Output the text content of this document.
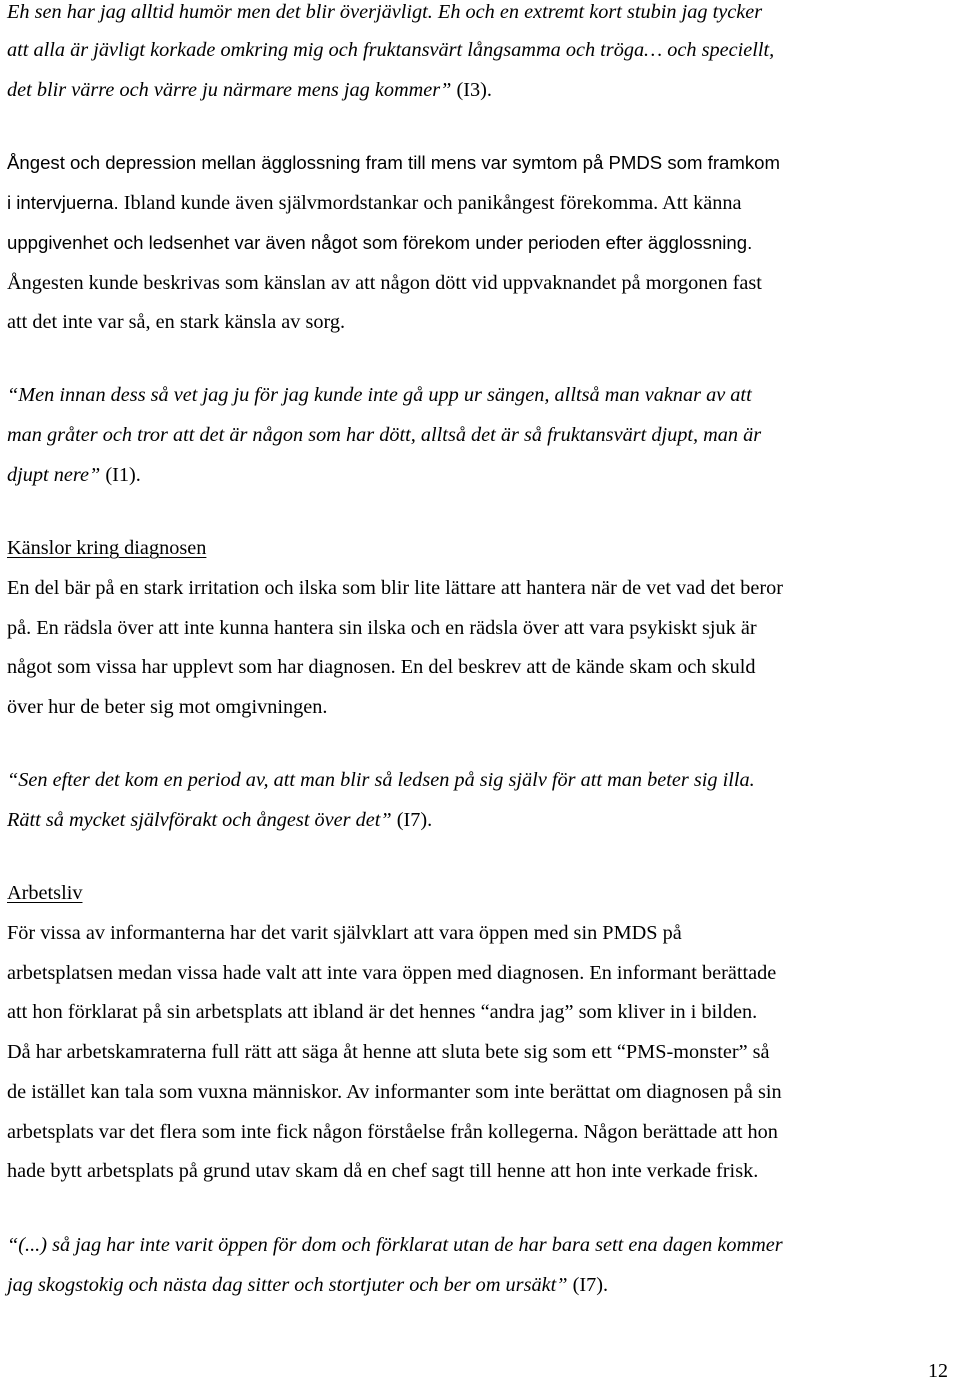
Eh sen har jag alltid humör men det blir överjävligt. Eh och en extremt kort stubin jag tycker
att alla är jävligt korkade omkring mig och fruktansvärt långsamma och tröga… och speciellt,
det blir värre och värre ju närmare mens jag kommer” (I3).
Ångest och depression mellan ägglossning fram till mens var symtom på PMDS som framkom
i intervjuerna. Ibland kunde även självmordstankar och panikångest förekomma. Att känna
uppgivenhet och ledsenhet var även något som förekom under perioden efter ägglossning.
Ångesten kunde beskrivas som känslan av att någon dött vid uppvaknandet på morgonen fast
att det inte var så, en stark känsla av sorg.
“Men innan dess så vet jag ju för jag kunde inte gå upp ur sängen, alltså man vaknar av att
man gråter och tror att det är någon som har dött, alltså det är så fruktansvärt djupt, man är
djupt nere” (I1).
Känslor kring diagnosen
En del bär på en stark irritation och ilska som blir lite lättare att hantera när de vet vad det beror
på. En rädsla över att inte kunna hantera sin ilska och en rädsla över att vara psykiskt sjuk är
något som vissa har upplevt som har diagnosen. En del beskrev att de kände skam och skuld
över hur de beter sig mot omgivningen.
“Sen efter det kom en period av, att man blir så ledsen på sig själv för att man beter sig illa.
Rätt så mycket självförakt och ångest över det” (I7).
Arbetsliv
För vissa av informanterna har det varit självklart att vara öppen med sin PMDS på
arbetsplatsen medan vissa hade valt att inte vara öppen med diagnosen. En informant berättade
att hon förklarat på sin arbetsplats att ibland är det hennes “andra jag” som kliver in i bilden.
Då har arbetskamraterna full rätt att säga åt henne att sluta bete sig som ett “PMS-monster” så
de istället kan tala som vuxna människor. Av informanter som inte berättat om diagnosen på sin
arbetsplats var det flera som inte fick någon förståelse från kollegerna. Någon berättade att hon
hade bytt arbetsplats på grund utav skam då en chef sagt till henne att hon inte verkade frisk.
“(...) så jag har inte varit öppen för dom och förklarat utan de har bara sett ena dagen kommer
jag skogstokig och nästa dag sitter och stortjuter och ber om ursäkt” (I7).
12
